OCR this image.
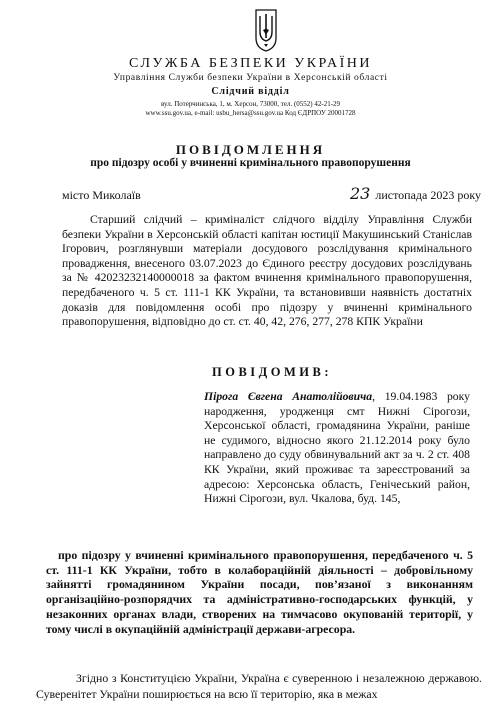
СЛУЖБА БЕЗПЕКИ УКРАЇНИ
Управління Служби безпеки України в Херсонській області
Слідчий відділ
вул. Потерчинська, 1, м. Херсон, 73000, тел. (0552) 42-21-29
www.ssu.gov.ua, e-mail: usbu_hersa@ssu.gov.ua Код ЄДРПОУ 20001728
ПОВІДОМЛЕННЯ
про підозру особі у вчиненні кримінального правопорушення
місто Миколаїв	23 листопада 2023 року
Старший слідчий – криміналіст слідчого відділу Управління Служби безпеки України в Херсонській області капітан юстиції Макушинський Станіслав Ігорович, розглянувши матеріали досудового розслідування кримінального провадження, внесеного 03.07.2023 до Єдиного реєстру досудових розслідувань за № 42023232140000018 за фактом вчинення кримінального правопорушення, передбаченого ч. 5 ст. 111-1 КК України, та встановивши наявність достатніх доказів для повідомлення особі про підозру у вчиненні кримінального правопорушення, відповідно до ст. ст. 40, 42, 276, 277, 278 КПК України
ПОВІДОМИВ:
Пірога Євгена Анатолійовича, 19.04.1983 року народження, уродженця смт Нижні Сірогози, Херсонської області, громадянина України, раніше не судимого, відносно якого 21.12.2014 року було направлено до суду обвинувальний акт за ч. 2 ст. 408 КК України, який проживає та зареєстрований за адресою: Херсонська область, Генічеський район, Нижні Сірогози, вул. Чкалова, буд. 145,
про підозру у вчиненні кримінального правопорушення, передбаченого ч. 5 ст. 111-1 КК України, тобто в колабораційній діяльності – добровільному зайнятті громадянином України посади, пов’язаної з виконанням організаційно-розпорядчих та адміністративно-господарських функцій, у незаконних органах влади, створених на тимчасово окупованій території, у тому числі в окупаційній адміністрації держави-агресора.
Згідно з Конституцією України, Україна є суверенною і незалежною державою. Суверенітет України поширюється на всю її територію, яка в межах
